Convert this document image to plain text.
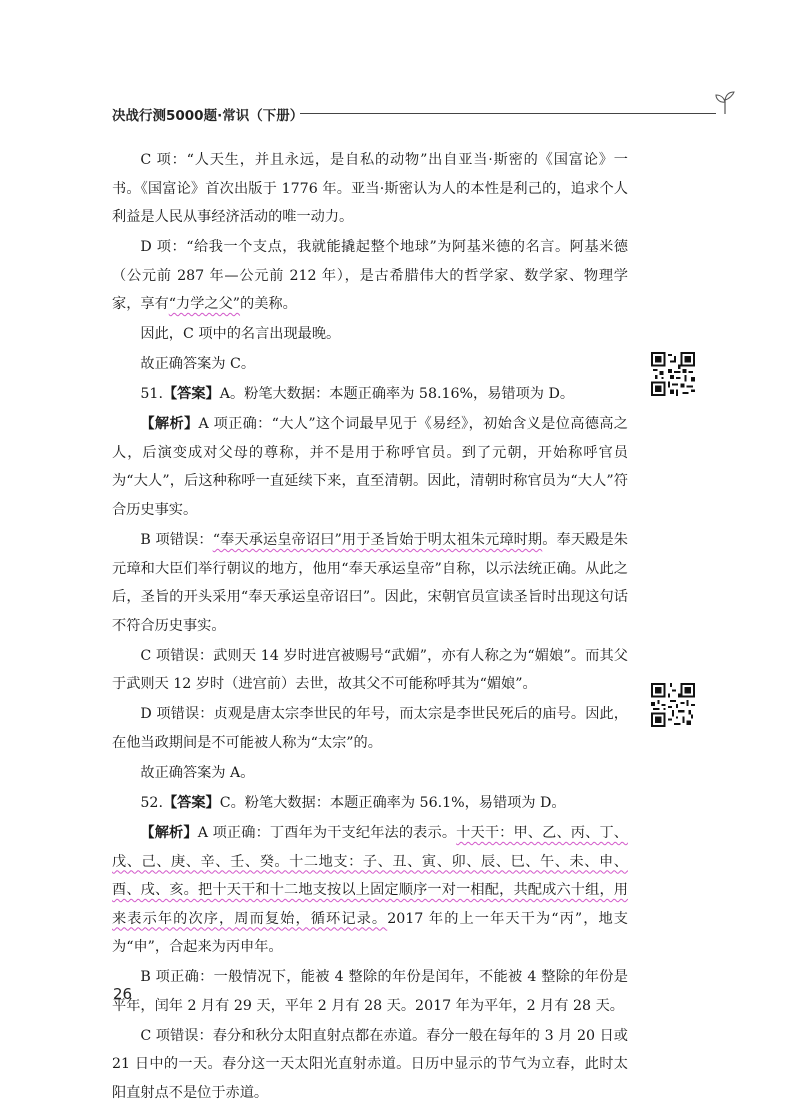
决战行测5000题·常识（下册）

C 项：“人天生，并且永远，是自私的动物”出自亚当·斯密的《国富论》一书。《国富论》首次出版于 1776 年。亚当·斯密认为人的本性是利己的，追求个人利益是人民从事经济活动的唯一动力。

D 项：“给我一个支点，我就能撬起整个地球”为阿基米德的名言。阿基米德（公元前 287 年—公元前 212 年），是古希腊伟大的哲学家、数学家、物理学家，享有“力学之父”的美称。

因此，C 项中的名言出现最晚。

故正确答案为 C。

51.【答案】A。粉笔大数据：本题正确率为 58.16%，易错项为 D。

【解析】A 项正确：“大人”这个词最早见于《易经》，初始含义是位高德高之人，后演变成对父母的尊称，并不是用于称呼官员。到了元朝，开始称呼官员为“大人”，后这种称呼一直延续下来，直至清朝。因此，清朝时称官员为“大人”符合历史事实。

B 项错误：“奉天承运皇帝诏曰”用于圣旨始于明太祖朱元璋时期。奉天殿是朱元璋和大臣们举行朝议的地方，他用“奉天承运皇帝”自称，以示法统正确。从此之后，圣旨的开头采用“奉天承运皇帝诏曰”。因此，宋朝官员宣读圣旨时出现这句话不符合历史事实。

C 项错误：武则天 14 岁时进宫被赐号“武媚”，亦有人称之为“媚娘”。而其父于武则天 12 岁时（进宫前）去世，故其父不可能称呼其为“媚娘”。

D 项错误：贞观是唐太宗李世民的年号，而太宗是李世民死后的庙号。因此，在他当政期间是不可能被人称为“太宗”的。

故正确答案为 A。

52.【答案】C。粉笔大数据：本题正确率为 56.1%，易错项为 D。

【解析】A 项正确：丁酉年为干支纪年法的表示。十天干：甲、乙、丙、丁、戊、己、庚、辛、壬、癸。十二地支：子、丑、寅、卯、辰、巳、午、未、申、酉、戌、亥。把十天干和十二地支按以上固定顺序一对一相配，共配成六十组，用来表示年的次序，周而复始，循环记录。2017 年的上一年天干为“丙”，地支为“申”，合起来为丙申年。

B 项正确：一般情况下，能被 4 整除的年份是闰年，不能被 4 整除的年份是平年，闰年 2 月有 29 天，平年 2 月有 28 天。2017 年为平年，2 月有 28 天。

C 项错误：春分和秋分太阳直射点都在赤道。春分一般在每年的 3 月 20 日或 21 日中的一天。春分这一天太阳光直射赤道。日历中显示的节气为立春，此时太阳直射点不是位于赤道。

26
